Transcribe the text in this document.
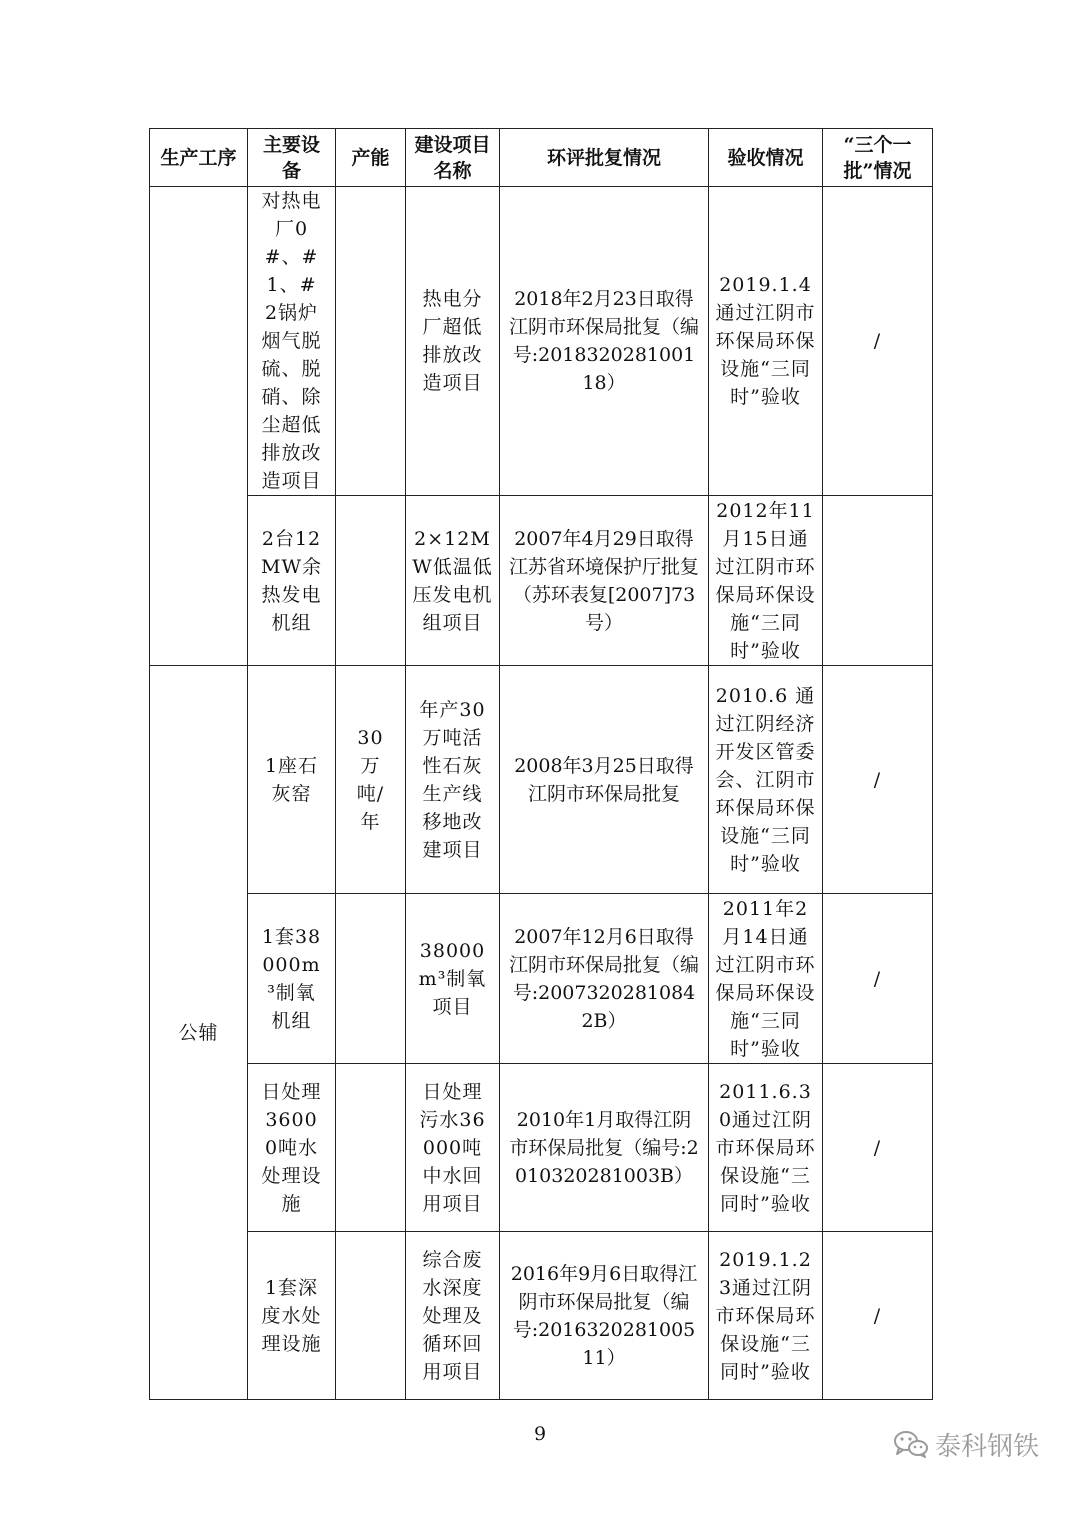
生产工序	主要设备	产能	建设项目名称	环评批复情况	验收情况	“三个一批”情况
	对热电厂0#、#1、#2锅炉烟气脱硫、脱硝、除尘超低排放改造项目		热电分厂超低排放改造项目	2018年2月23日取得江阴市环保局批复（编号:201832028100118）	2019.1.4通过江阴市环保局环保设施“三同时”验收	/
	2台12MW余热发电机组		2×12MW低温低压发电机组项目	2007年4月29日取得江苏省环境保护厅批复（苏环表复[2007]73号）	2012年11月15日通过江阴市环保局环保设施“三同时”验收	
公辅	1座石灰窑	30万吨/年	年产30万吨活性石灰生产线移地改建项目	2008年3月25日取得江阴市环保局批复	2010.6 通过江阴经济开发区管委会、江阴市环保局环保设施“三同时”验收	/
	1套38000m³制氧机组		38000m³制氧项目	2007年12月6日取得江阴市环保局批复（编号:20073202810842B）	2011年2月14日通过江阴市环保局环保设施“三同时”验收	/
	日处理36000吨水处理设施		日处理污水36000吨中水回用项目	2010年1月取得江阴市环保局批复（编号:2010320281003B）	2011.6.30通过江阴市环保局环保设施“三同时”验收	/
	1套深度水处理设施		综合废水深度处理及循环回用项目	2016年9月6日取得江阴市环保局批复（编号:201632028100511）	2019.1.23通过江阴市环保局环保设施“三同时”验收	/
9	泰科钢铁
